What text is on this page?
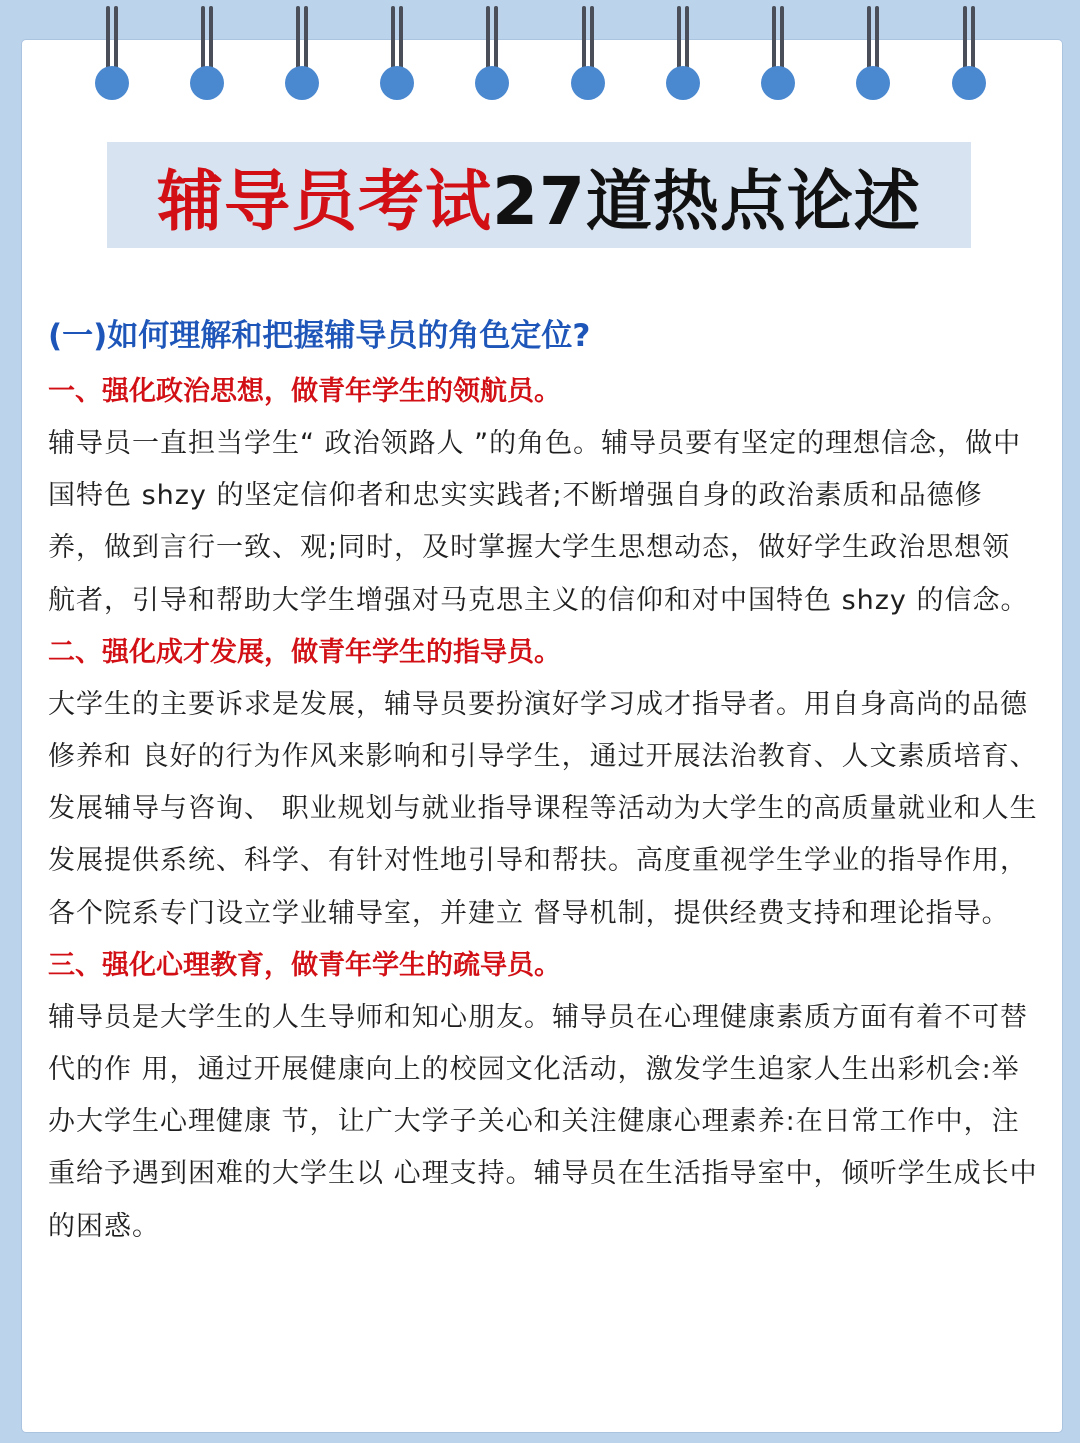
辅导员考试27道热点论述

(一)如何理解和把握辅导员的角色定位?

一、强化政治思想，做青年学生的领航员。

辅导员一直担当学生“ 政治领路人 ”的角色。辅导员要有坚定的理想信念，做中国特色 shzy 的坚定信仰者和忠实实践者;不断增强自身的政治素质和品德修养，做到言行一致、观;同时，及时掌握大学生思想动态，做好学生政治思想领 航者，引导和帮助大学生增强对马克思主义的信仰和对中国特色 shzy 的信念。

二、强化成才发展，做青年学生的指导员。

大学生的主要诉求是发展，辅导员要扮演好学习成才指导者。用自身高尚的品德修养和 良好的行为作风来影响和引导学生，通过开展法治教育、人文素质培育、发展辅导与咨询、 职业规划与就业指导课程等活动为大学生的高质量就业和人生发展提供系统、科学、有针对性地引导和帮扶。高度重视学生学业的指导作用，各个院系专门设立学业辅导室，并建立 督导机制，提供经费支持和理论指导。

三、强化心理教育，做青年学生的疏导员。

辅导员是大学生的人生导师和知心朋友。辅导员在心理健康素质方面有着不可替代的作 用，通过开展健康向上的校园文化活动，激发学生追家人生出彩机会:举办大学生心理健康 节，让广大学子关心和关注健康心理素养:在日常工作中，注重给予遇到困难的大学生以 心理支持。辅导员在生活指导室中，倾听学生成长中的困惑。
